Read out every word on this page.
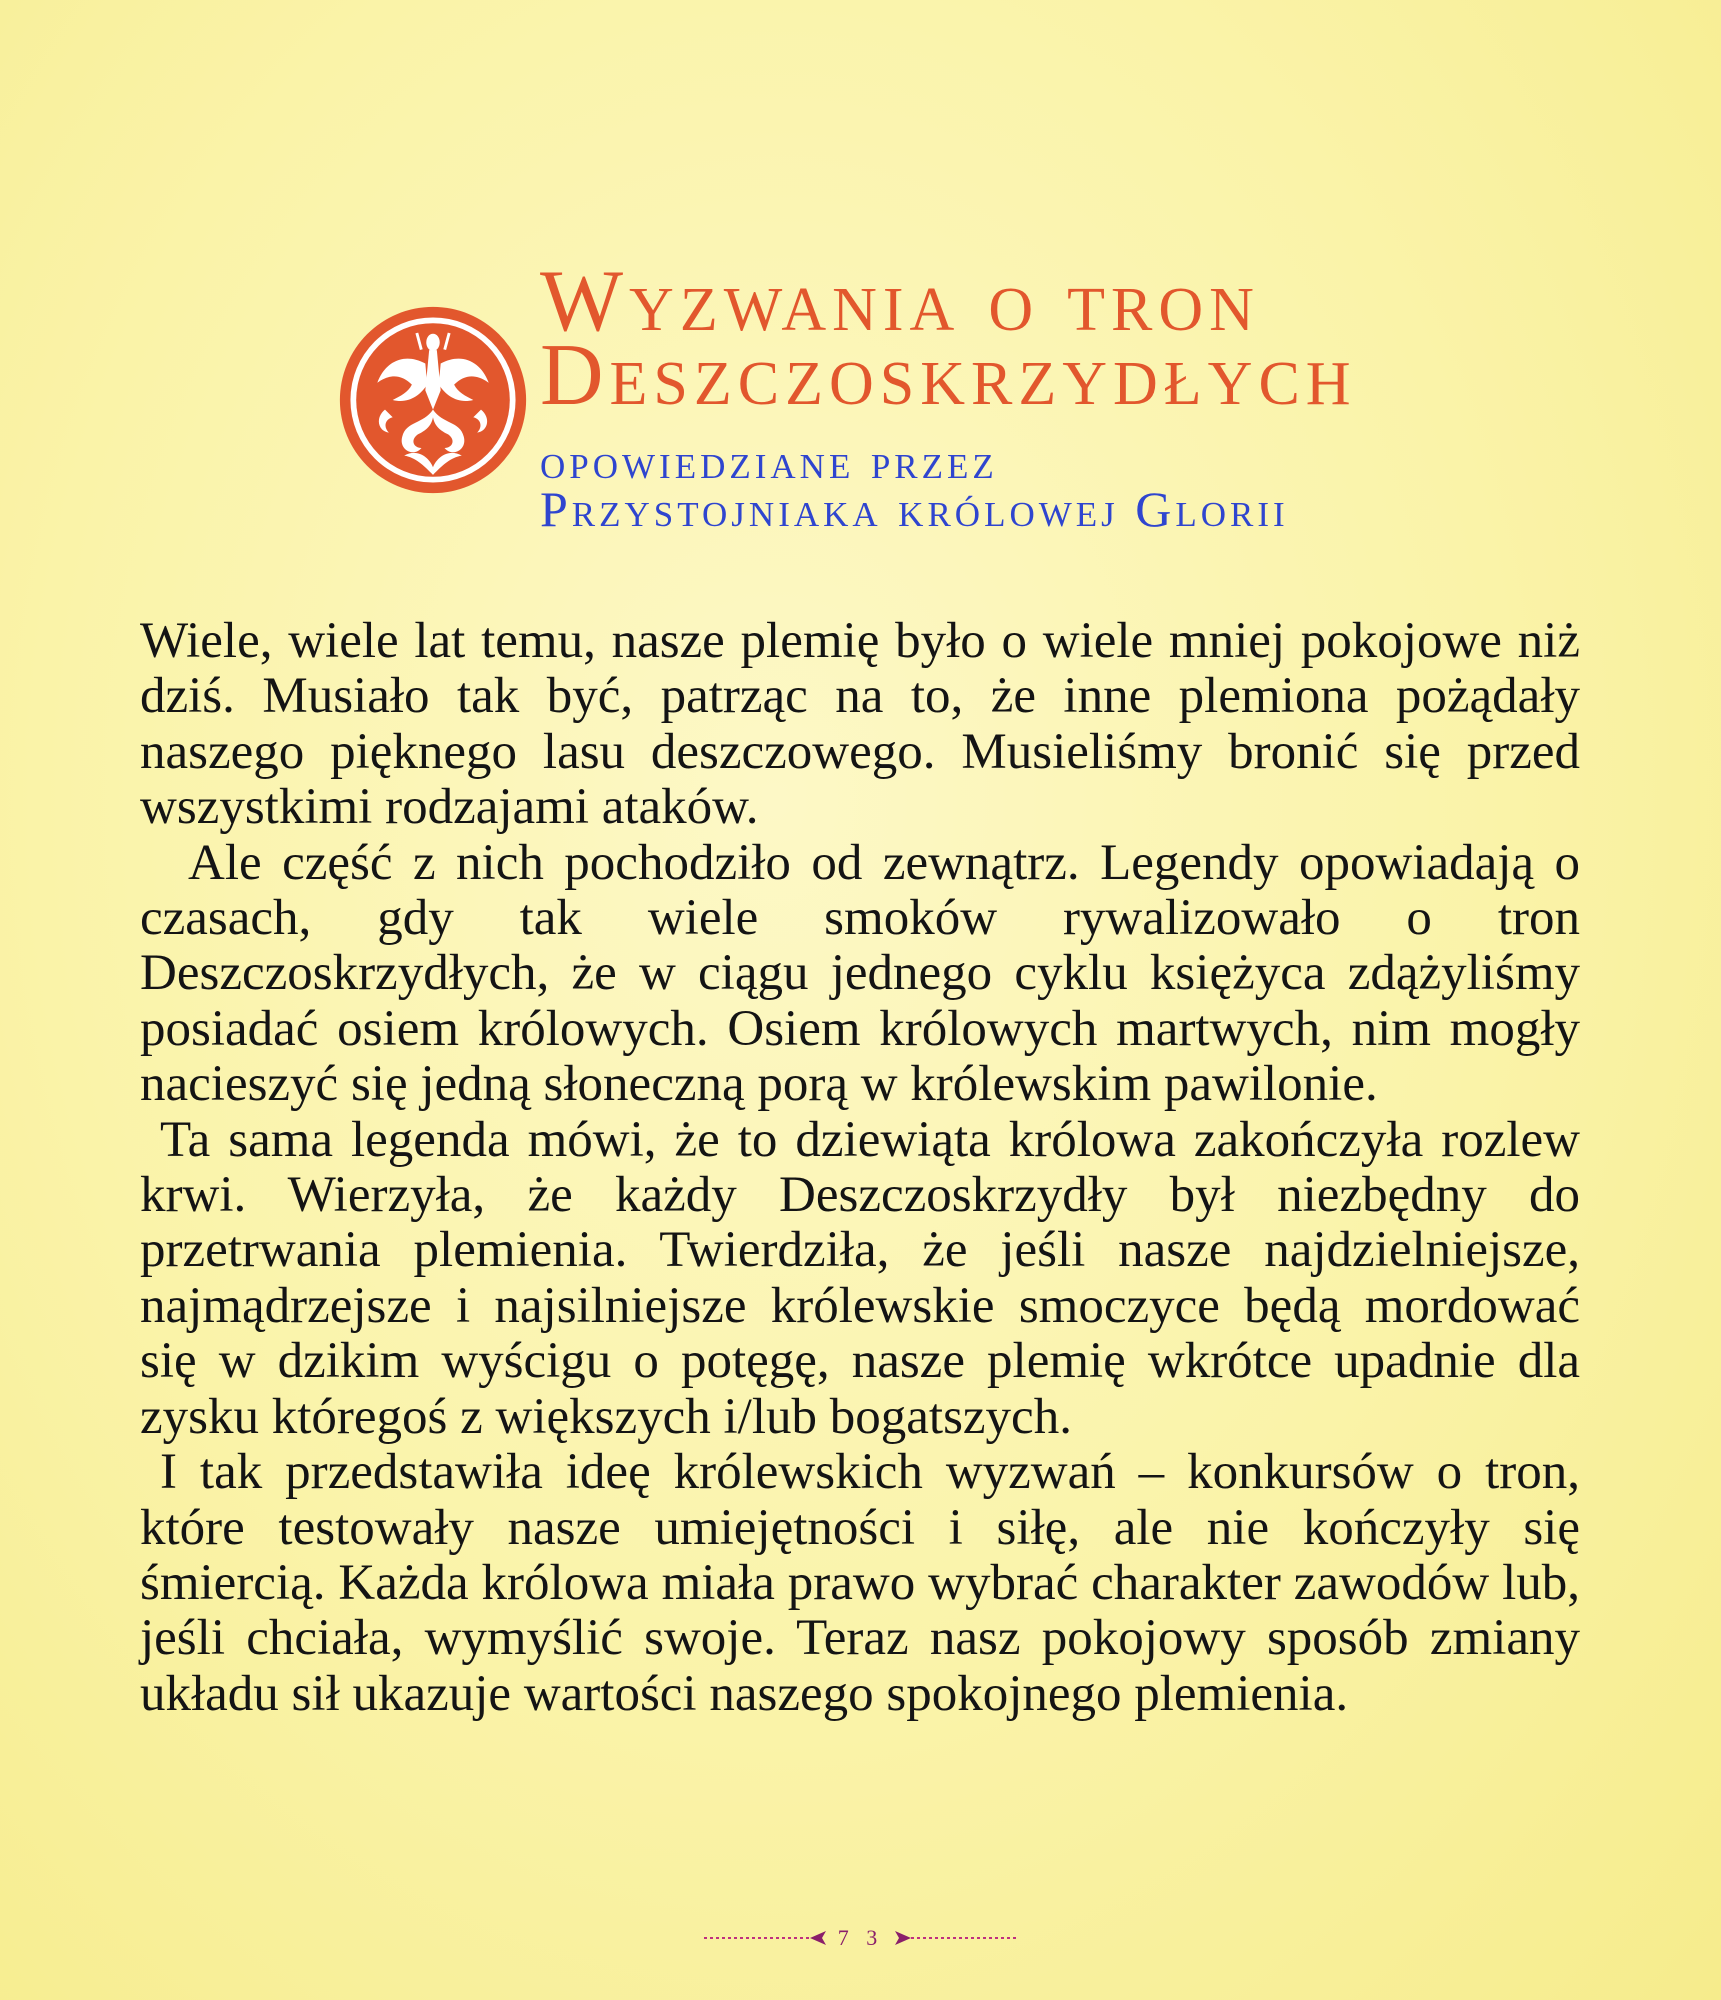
Wyzwania o tron
Deszczoskrzydłych
opowiedziane przez
Przystojniaka królowej Glorii

Wiele, wiele lat temu, nasze plemię było o wiele mniej pokojowe niż dziś. Musiało tak być, patrząc na to, że inne plemiona pożądały naszego pięknego lasu deszczowego. Musieliśmy bronić się przed wszystkimi rodzajami ataków.

Ale część z nich pochodziło od zewnątrz. Legendy opowiadają o czasach, gdy tak wiele smoków rywalizowało o tron Deszczoskrzydłych, że w ciągu jednego cyklu księżyca zdążyliśmy posiadać osiem królowych. Osiem królowych martwych, nim mogły nacieszyć się jedną słoneczną porą w królewskim pawilonie.

Ta sama legenda mówi, że to dziewiąta królowa zakończyła rozlew krwi. Wierzyła, że każdy Deszczoskrzydły był niezbędny do przetrwania plemienia. Twierdziła, że jeśli nasze najdzielniejsze, najmądrzejsze i najsilniejsze królewskie smoczyce będą mordować się w dzikim wyścigu o potęgę, nasze plemię wkrótce upadnie dla zysku któregoś z większych i/lub bogatszych.

I tak przedstawiła ideę królewskich wyzwań – konkursów o tron, które testowały nasze umiejętności i siłę, ale nie kończyły się śmiercią. Każda królowa miała prawo wybrać charakter zawodów lub, jeśli chciała, wymyślić swoje. Teraz nasz pokojowy sposób zmiany układu sił ukazuje wartości naszego spokojnego plemienia.

7 3
